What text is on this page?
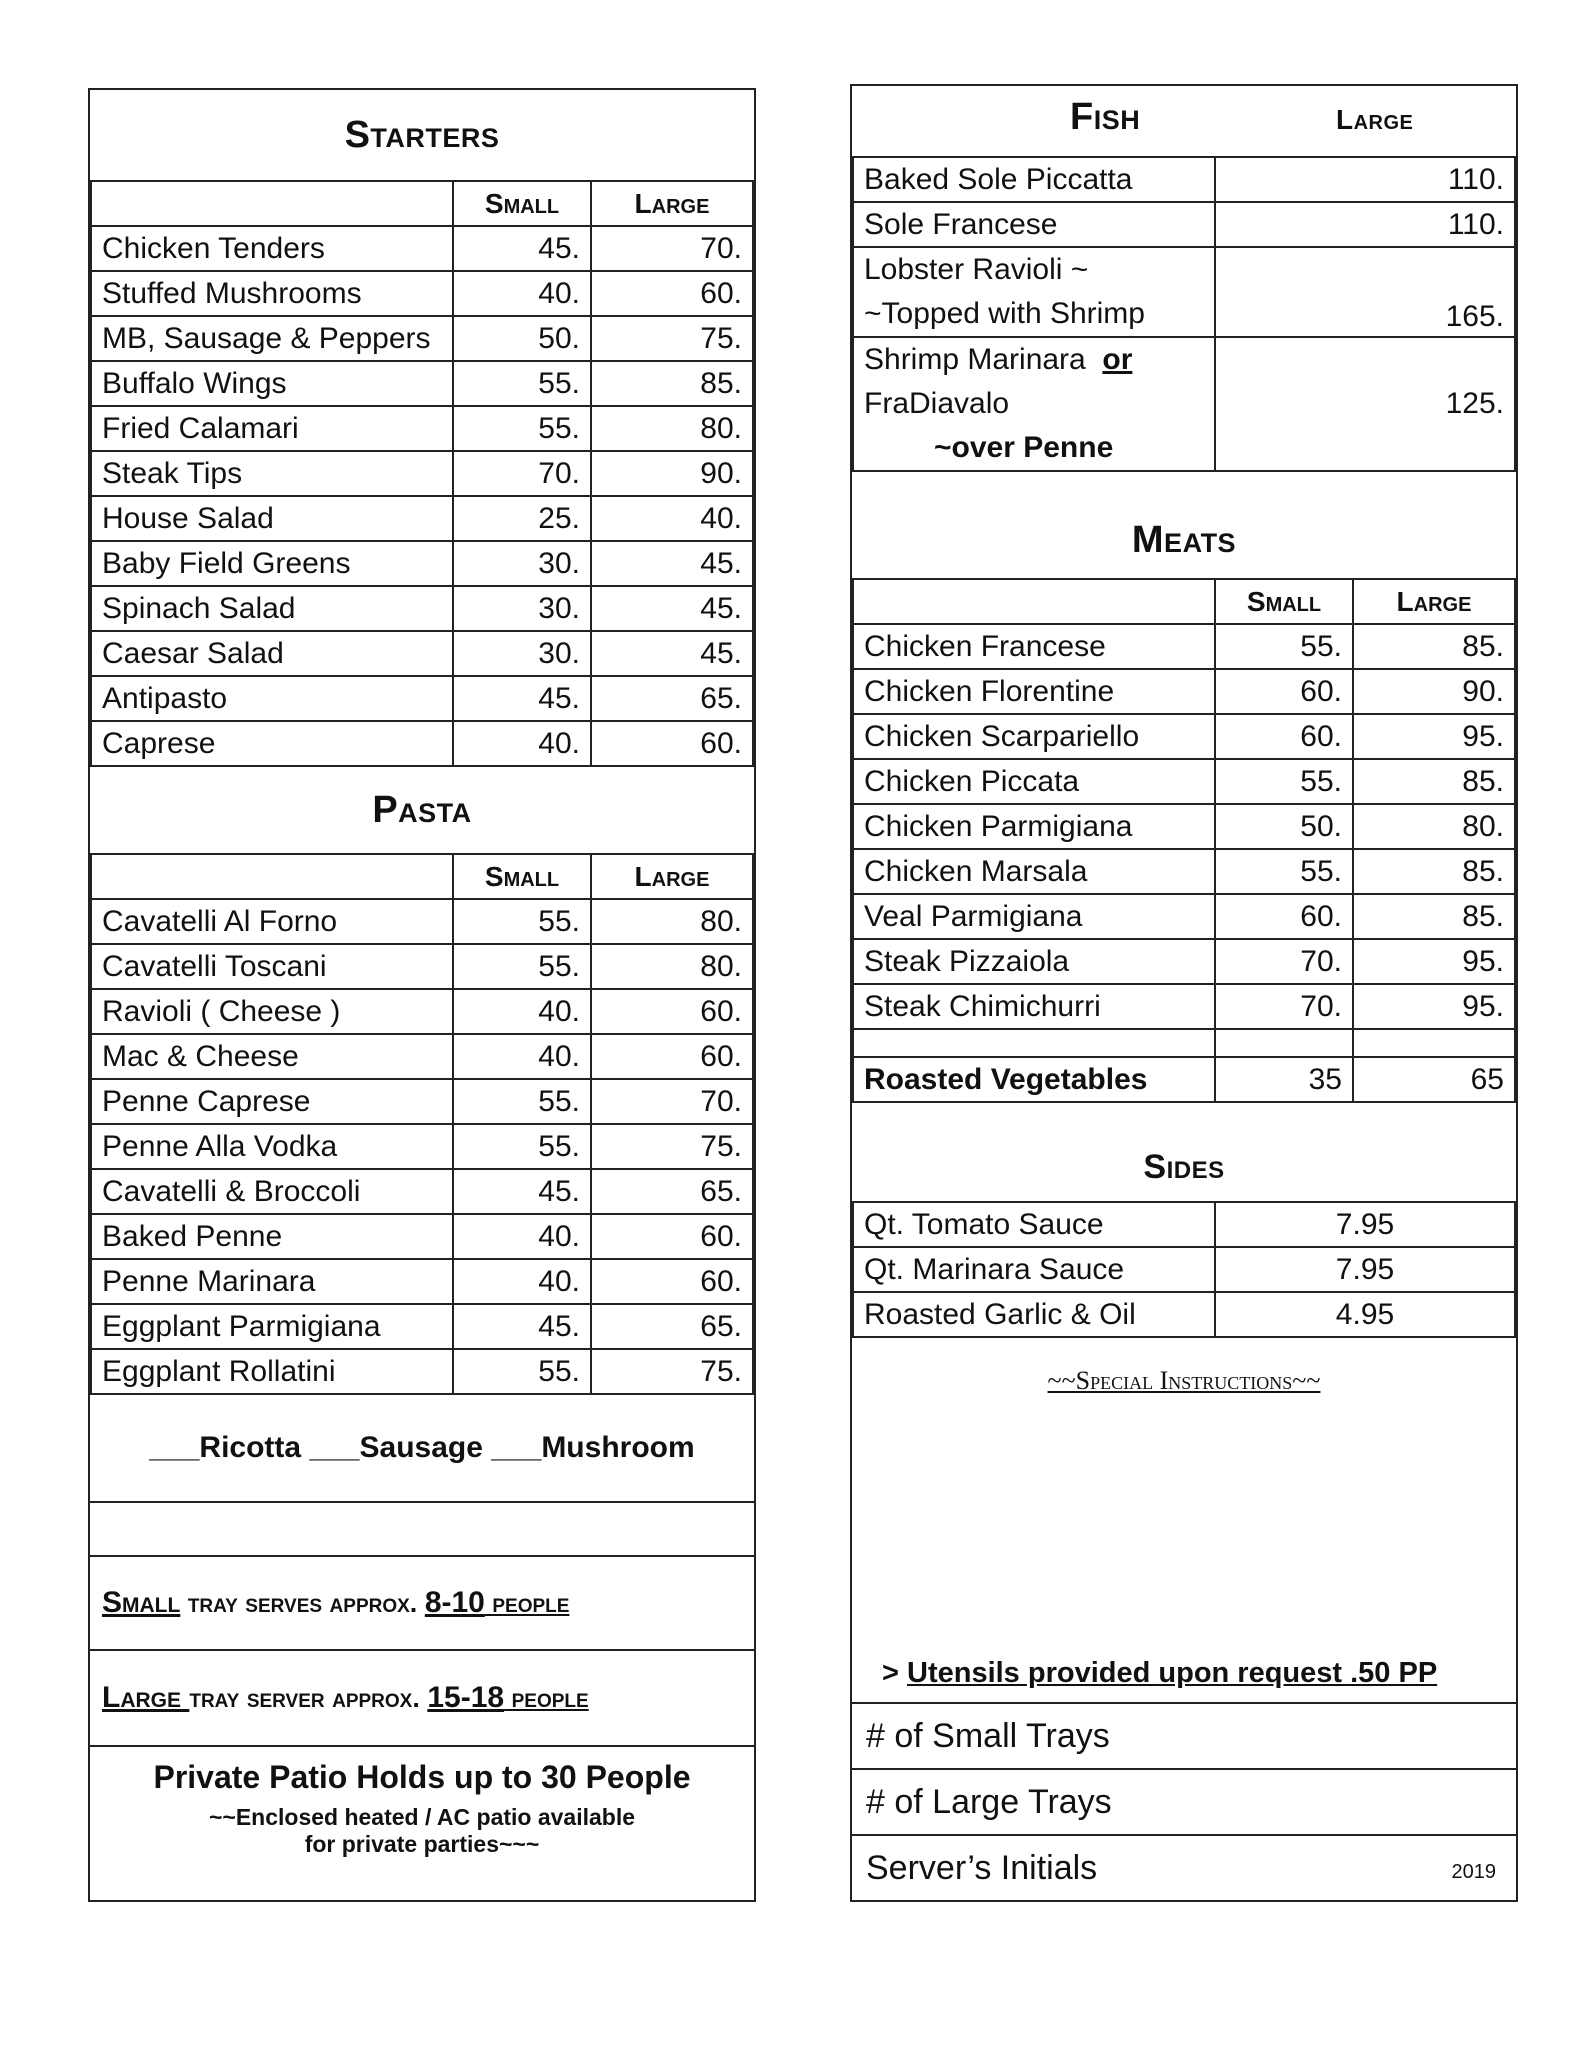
Starters
	Small	Large
Chicken Tenders	45.	70.
Stuffed Mushrooms	40.	60.
MB, Sausage & Peppers	50.	75.
Buffalo Wings	55.	85.
Fried Calamari	55.	80.
Steak Tips	70.	90.
House Salad	25.	40.
Baby Field Greens	30.	45.
Spinach Salad	30.	45.
Caesar Salad	30.	45.
Antipasto	45.	65.
Caprese	40.	60.
Pasta
	Small	Large
Cavatelli Al Forno	55.	80.
Cavatelli Toscani	55.	80.
Ravioli ( Cheese )	40.	60.
Mac & Cheese	40.	60.
Penne Caprese	55.	70.
Penne Alla Vodka	55.	75.
Cavatelli & Broccoli	45.	65.
Baked Penne	40.	60.
Penne Marinara	40.	60.
Eggplant Parmigiana	45.	65.
Eggplant Rollatini	55.	75.
___ Ricotta
___ Sausage
___ Mushroom
Small tray serves approx. 8-10 people
Large tray server approx. 15-18 people
Private Patio Holds up to 30 People
~~Enclosed heated / AC patio available
for private parties~~~
Fish	Large
Baked Sole Piccatta	110.
Sole Francese	110.

Lobster Ravioli ~
~Topped with Shrimp	165.

Shrimp Marinara or
FraDiavalo
~over Penne	125.
Meats
	Small	Large
Chicken Francese	55.	85.
Chicken Florentine	60.	90.
Chicken Scarpariello	60.	95.
Chicken Piccata	55.	85.
Chicken Parmigiana	50.	80.
Chicken Marsala	55.	85.
Veal Parmigiana	60.	85.
Steak Pizzaiola	70.	95.
Steak Chimichurri	70.	95.

Roasted Vegetables	35	65
Sides
Qt. Tomato Sauce	7.95
Qt. Marinara Sauce	7.95
Roasted Garlic & Oil	4.95
~~Special Instructions~~
> Utensils provided upon request .50 PP
# of Small Trays
# of Large Trays
Server’s Initials	2019
